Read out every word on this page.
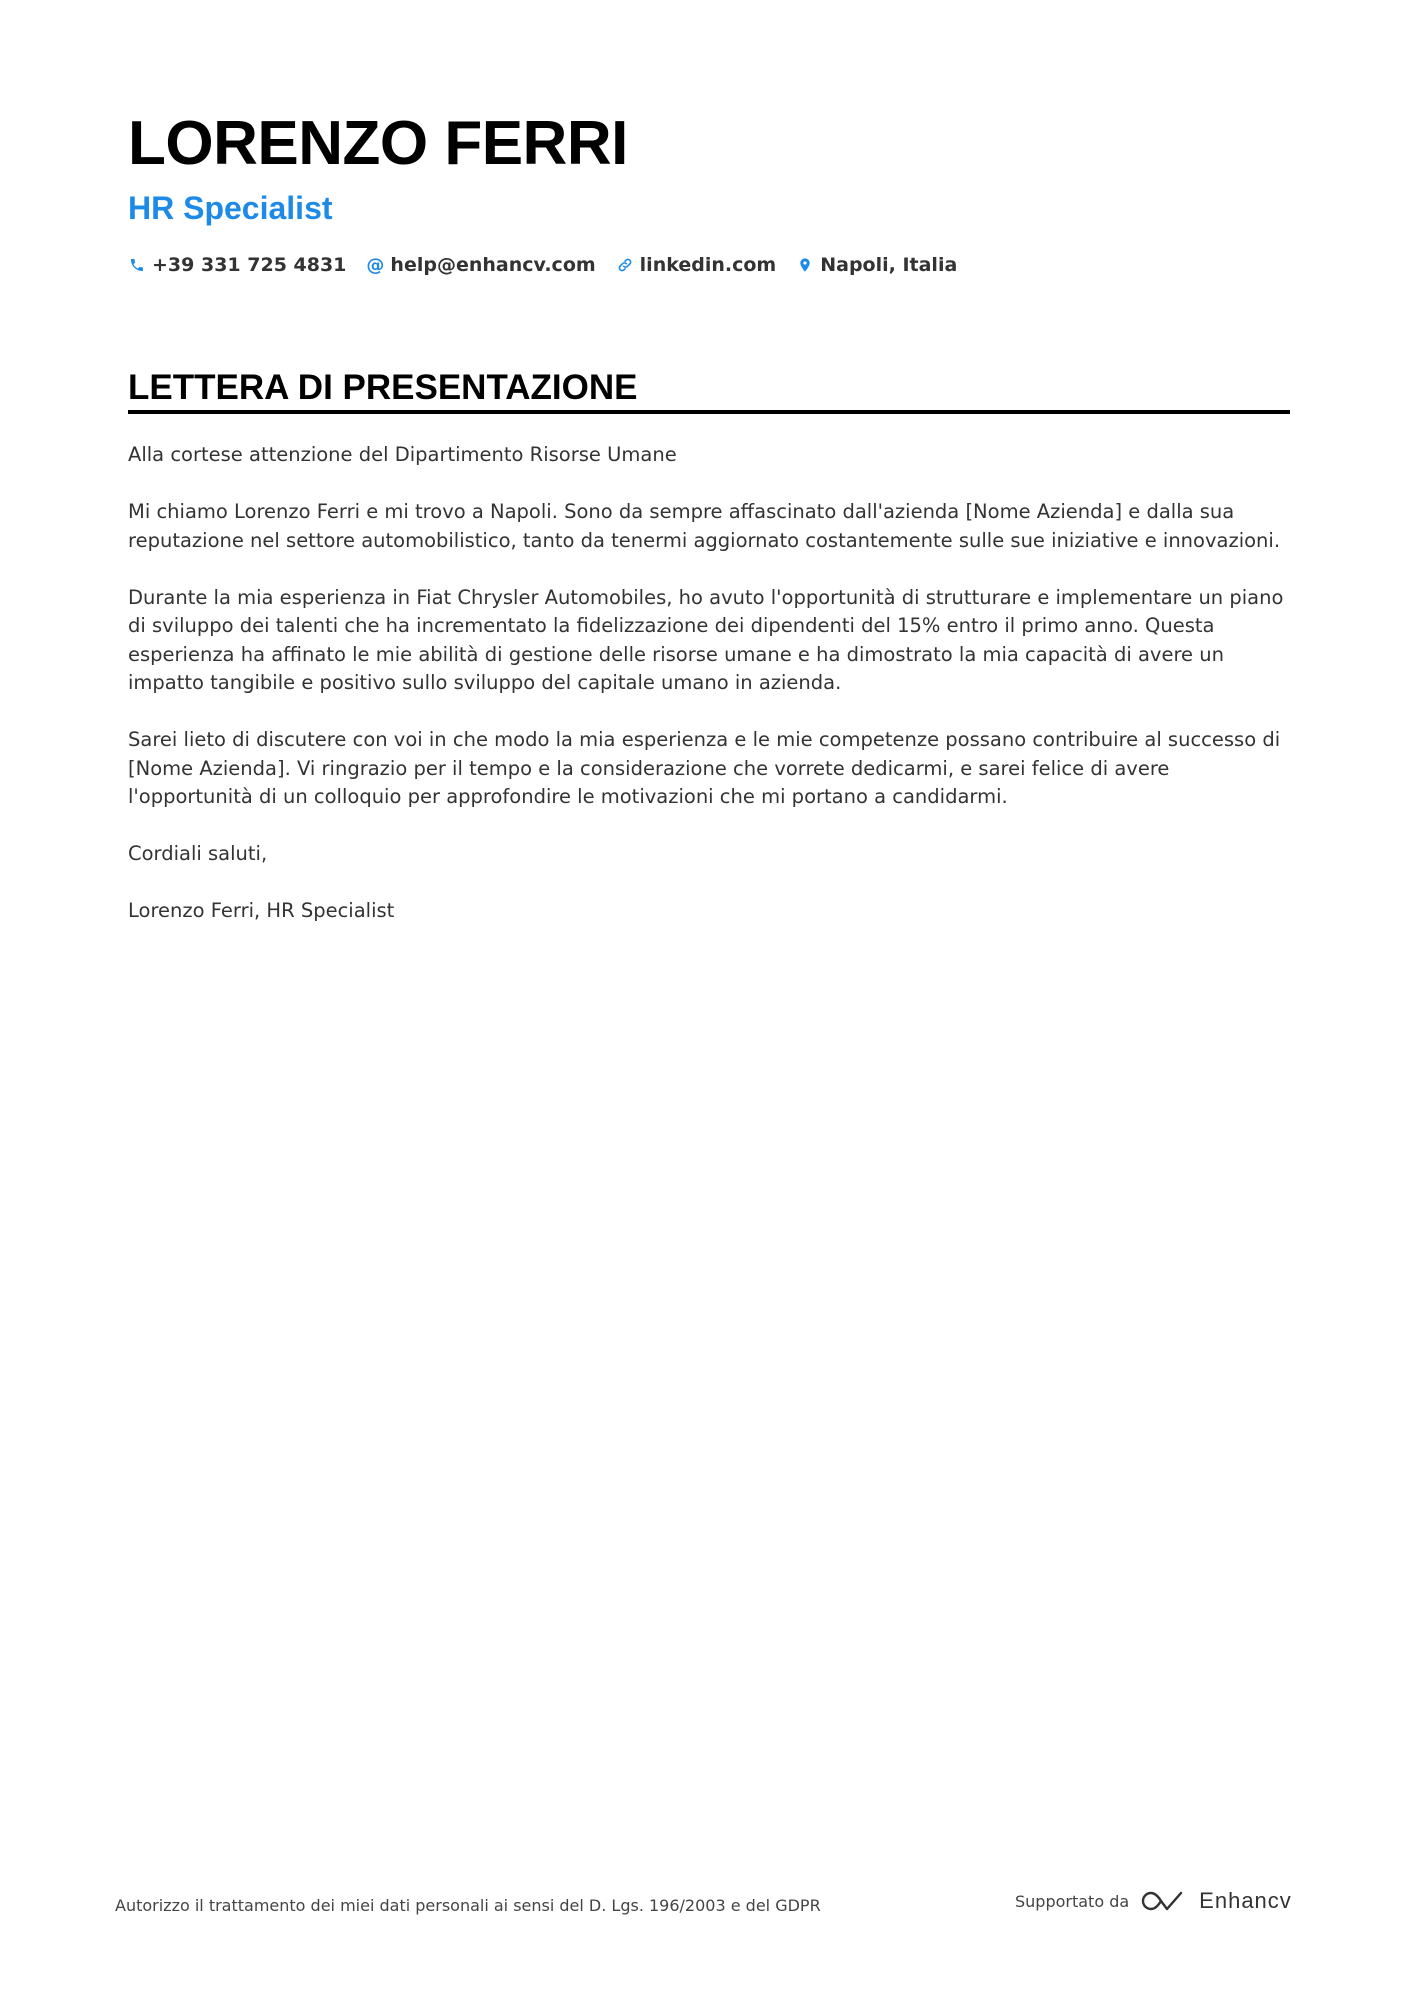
LORENZO FERRI
HR Specialist
+39 331 725 4831 @ help@enhancv.com linkedin.com Napoli, Italia
LETTERA DI PRESENTAZIONE

Alla cortese attenzione del Dipartimento Risorse Umane

Mi chiamo Lorenzo Ferri e mi trovo a Napoli. Sono da sempre affascinato dall'azienda [Nome Azienda] e dalla sua reputazione nel settore automobilistico, tanto da tenermi aggiornato costantemente sulle sue iniziative e innovazioni.

Durante la mia esperienza in Fiat Chrysler Automobiles, ho avuto l'opportunità di strutturare e implementare un piano di sviluppo dei talenti che ha incrementato la fidelizzazione dei dipendenti del 15% entro il primo anno. Questa esperienza ha affinato le mie abilità di gestione delle risorse umane e ha dimostrato la mia capacità di avere un impatto tangibile e positivo sullo sviluppo del capitale umano in azienda.

Sarei lieto di discutere con voi in che modo la mia esperienza e le mie competenze possano contribuire al successo di [Nome Azienda]. Vi ringrazio per il tempo e la considerazione che vorrete dedicarmi, e sarei felice di avere l'opportunità di un colloquio per approfondire le motivazioni che mi portano a candidarmi.

Cordiali saluti,

Lorenzo Ferri, HR Specialist

Autorizzo il trattamento dei miei dati personali ai sensi del D. Lgs. 196/2003 e del GDPR	Supportato da	Enhancv
